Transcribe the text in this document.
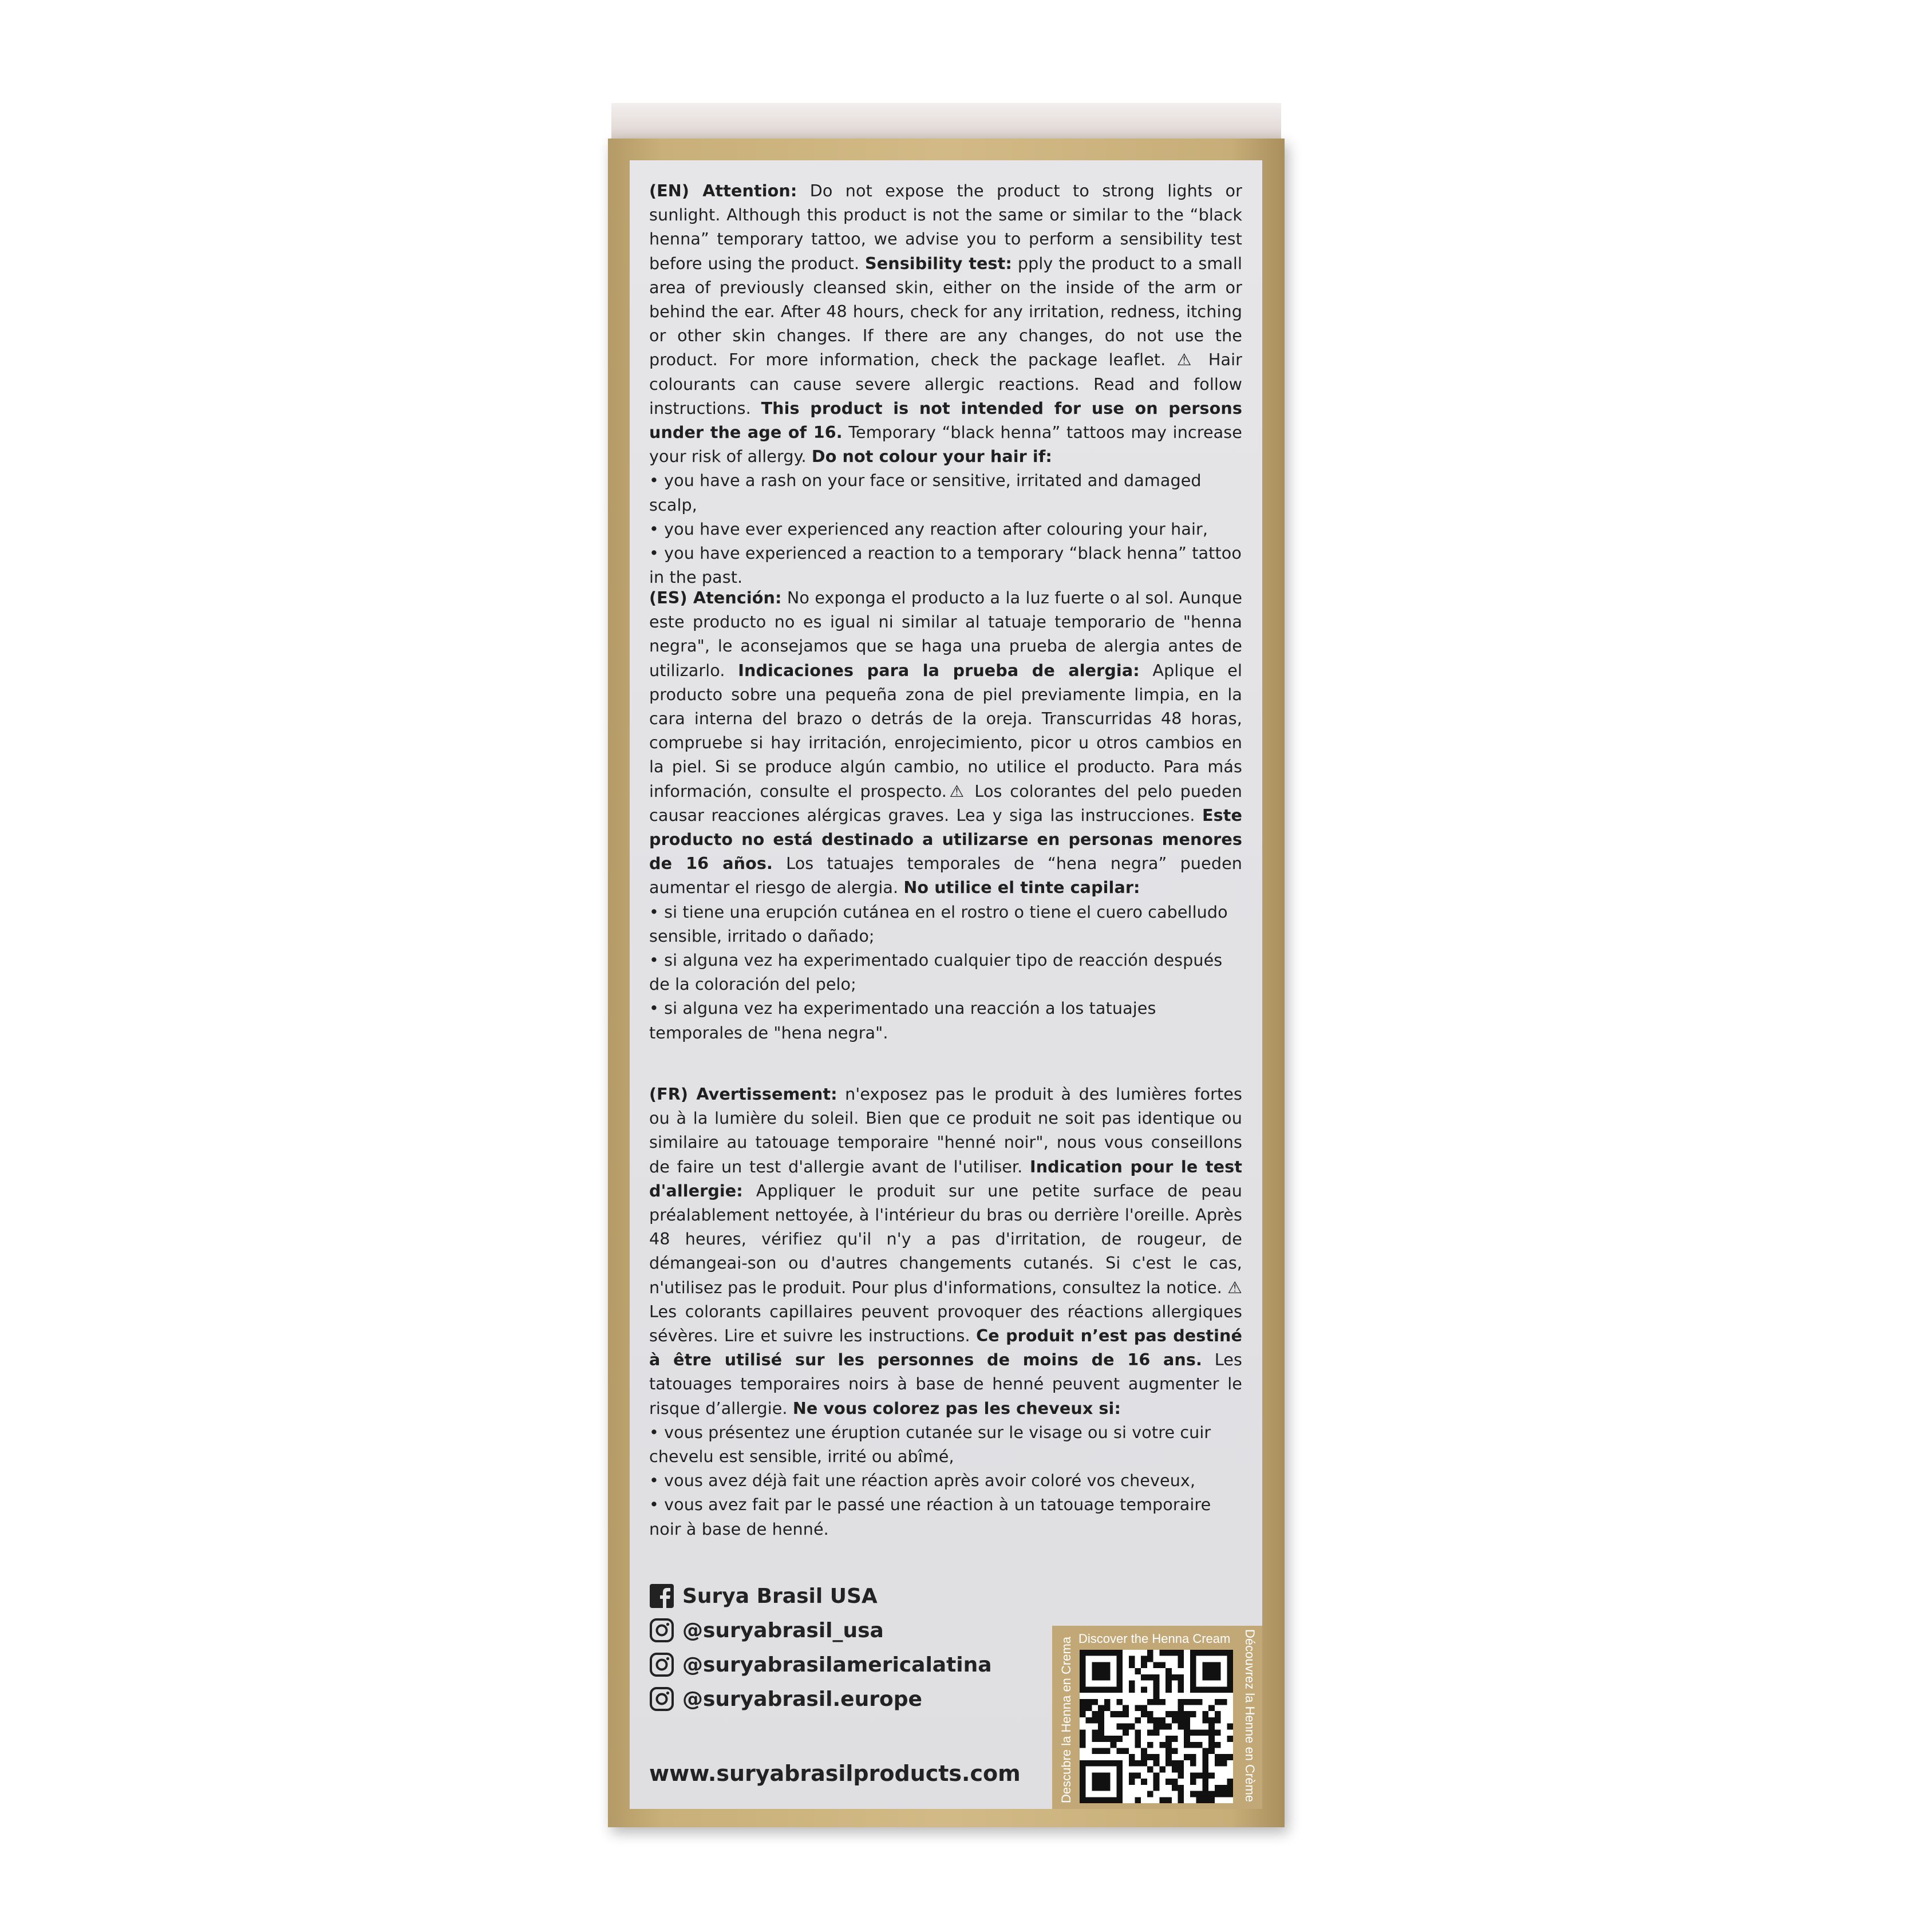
(EN) Attention: Do not expose the product to strong lights or sunlight. Although this product is not the same or similar to the “black henna” temporary tattoo, we advise you to perform a sensibility test before using the product. Sensibility test: pply the product to a small area of previously cleansed skin, either on the inside of the arm or behind the ear. After 48 hours, check for any irritation, redness, itching or other skin changes. If there are any changes, do not use the product. For more information, check the package leaflet. ⚠ Hair colourants can cause severe allergic reactions. Read and follow instructions. This product is not intended for use on persons under the age of 16. Temporary “black henna” tattoos may increase your risk of allergy. Do not colour your hair if:

• you have a rash on your face or sensitive, irritated and damaged scalp,
• you have ever experienced any reaction after colouring your hair,
• you have experienced a reaction to a temporary “black henna” tattoo in the past.

(ES) Atención: No exponga el producto a la luz fuerte o al sol. Aunque este producto no es igual ni similar al tatuaje temporario de "henna negra", le aconsejamos que se haga una prueba de alergia antes de utilizarlo. Indicaciones para la prueba de alergia: Aplique el producto sobre una pequeña zona de piel previamente limpia, en la cara interna del brazo o detrás de la oreja. Transcurridas 48 horas, compruebe si hay irritación, enrojecimiento, picor u otros cambios en la piel. Si se produce algún cambio, no utilice el producto. Para más información, consulte el prospecto.⚠ Los colorantes del pelo pueden causar reacciones alérgicas graves. Lea y siga las instrucciones. Este producto no está destinado a utilizarse en personas menores de 16 años. Los tatuajes temporales de “hena negra” pueden aumentar el riesgo de alergia. No utilice el tinte capilar:

• si tiene una erupción cutánea en el rostro o tiene el cuero cabelludo sensible, irritado o dañado;
• si alguna vez ha experimentado cualquier tipo de reacción después de la coloración del pelo;
• si alguna vez ha experimentado una reacción a los tatuajes temporales de "hena negra".

(FR) Avertissement: n'exposez pas le produit à des lumières fortes ou à la lumière du soleil. Bien que ce produit ne soit pas identique ou similaire au tatouage temporaire "henné noir", nous vous conseillons de faire un test d'allergie avant de l'utiliser. Indication pour le test d'allergie: Appliquer le produit sur une petite surface de peau préalablement nettoyée, à l'intérieur du bras ou derrière l'oreille. Après 48 heures, vérifiez qu'il n'y a pas d'irritation, de rougeur, de démangeai-son ou d'autres changements cutanés. Si c'est le cas, n'utilisez pas le produit. Pour plus d'informations, consultez la notice. ⚠ Les colorants capillaires peuvent provoquer des réactions allergiques sévères. Lire et suivre les instructions. Ce produit n’est pas destiné à être utilisé sur les personnes de moins de 16 ans. Les tatouages temporaires noirs à base de henné peuvent augmenter le risque d’allergie. Ne vous colorez pas les cheveux si:

• vous présentez une éruption cutanée sur le visage ou si votre cuir chevelu est sensible, irrité ou abîmé,
• vous avez déjà fait une réaction après avoir coloré vos cheveux,
• vous avez fait par le passé une réaction à un tatouage temporaire noir à base de henné.
Surya Brasil USA
@suryabrasil_usa
@suryabrasilamericalatina
@suryabrasil.europe
www.suryabrasilproducts.com
Discover the Henna Cream
Descubre la Henna en Crema	Découvrez la Henne en Crème
